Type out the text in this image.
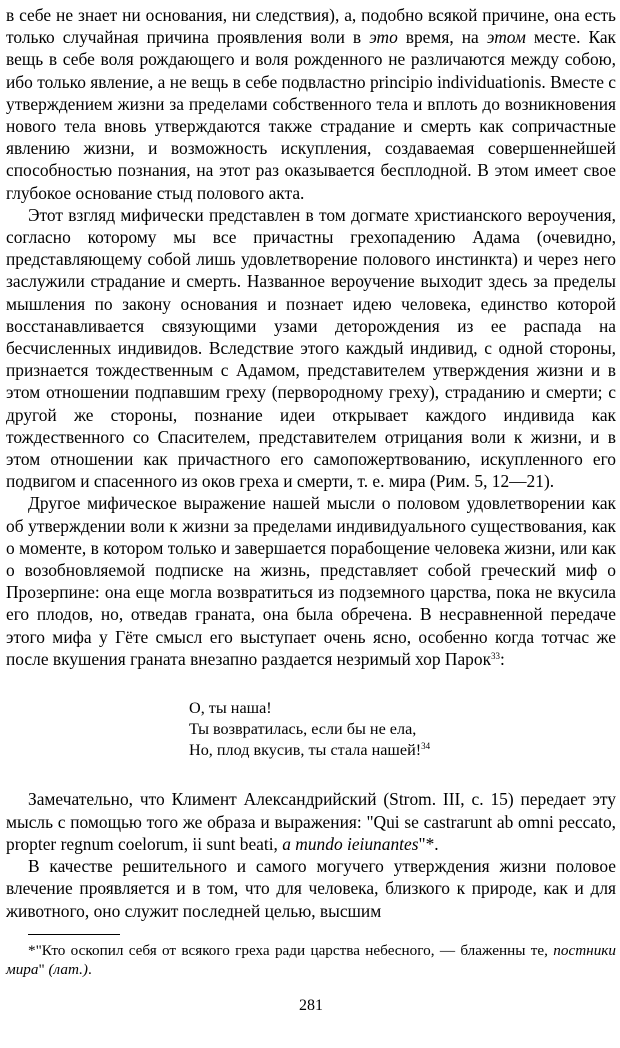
в себе не знает ни основания, ни следствия), а, подобно всякой причине, она есть только случайная причина проявления воли в это время, на этом месте. Как вещь в себе воля рождающего и воля рожденного не различаются между собою, ибо только явление, а не вещь в себе подвластно principio individuationis. Вместе с утверждением жизни за пределами собственного тела и вплоть до возникновения нового тела вновь утверждаются также страдание и смерть как сопричастные явлению жизни, и возможность искупления, создаваемая совершеннейшей способностью познания, на этот раз оказывается бесплодной. В этом имеет свое глубокое основание стыд полового акта.

Этот взгляд мифически представлен в том догмате христианского вероучения, согласно которому мы все причастны грехопадению Адама (очевидно, представляющему собой лишь удовлетворение полового инстинкта) и через него заслужили страдание и смерть. Названное вероучение выходит здесь за пределы мышления по закону основания и познает идею человека, единство которой восстанавливается связующими узами деторождения из ее распада на бесчисленных индивидов. Вследствие этого каждый индивид, с одной стороны, признается тождественным с Адамом, представителем утверждения жизни и в этом отношении подпавшим греху (первородному греху), страданию и смерти; с другой же стороны, познание идеи открывает каждого индивида как тождественного со Спасителем, представителем отрицания воли к жизни, и в этом отношении как причастного его самопожертвованию, искупленного его подвигом и спасенного из оков греха и смерти, т. е. мира (Рим. 5, 12—21).

Другое мифическое выражение нашей мысли о половом удовлетворении как об утверждении воли к жизни за пределами индивидуального существования, как о моменте, в котором только и завершается порабощение человека жизни, или как о возобновляемой подписке на жизнь, представляет собой греческий миф о Прозерпине: она еще могла возвратиться из подземного царства, пока не вкусила его плодов, но, отведав граната, она была обречена. В несравненной передаче этого мифа у Гёте смысл его выступает очень ясно, особенно когда тотчас же после вкушения граната внезапно раздается незримый хор Парок$^{33}$:

О, ты наша!
Ты возвратилась, если бы не ела,
Но, плод вкусив, ты стала нашей!$^{34}$

Замечательно, что Климент Александрийский (Strom. III, с. 15) передает эту мысль с помощью того же образа и выражения: "Qui se castrarunt ab omni peccato, propter regnum coelorum, ii sunt beati, a mundo ieiunantes"*.

В качестве решительного и самого могучего утверждения жизни половое влечение проявляется и в том, что для человека, близкого к природе, как и для животного, оно служит последней целью, высшим

*"Кто оскопил себя от всякого греха ради царства небесного, — блаженны те, постники мира" (лат.).

281
